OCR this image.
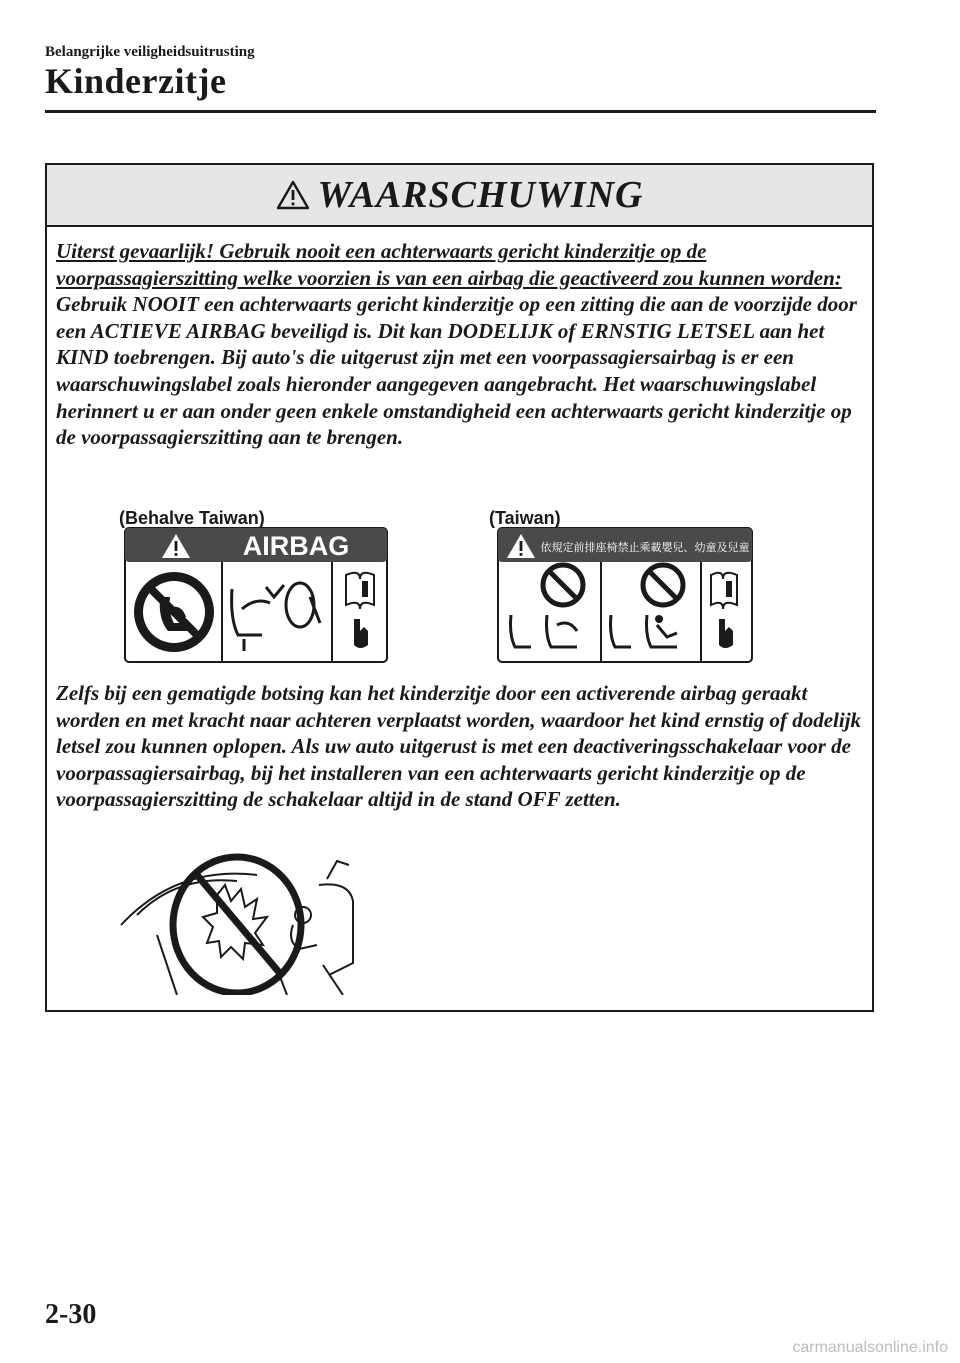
Belangrijke veiligheidsuitrusting
Kinderzitje
WAARSCHUWING
Uiterst gevaarlijk! Gebruik nooit een achterwaarts gericht kinderzitje op de voorpassagierszitting welke voorzien is van een airbag die geactiveerd zou kunnen worden: Gebruik NOOIT een achterwaarts gericht kinderzitje op een zitting die aan de voorzijde door een ACTIEVE AIRBAG beveiligd is. Dit kan DODELIJK of ERNSTIG LETSEL aan het KIND toebrengen. Bij auto's die uitgerust zijn met een voorpassagiersairbag is er een waarschuwingslabel zoals hieronder aangegeven aangebracht. Het waarschuwingslabel herinnert u er aan onder geen enkele omstandigheid een achterwaarts gericht kinderzitje op de voorpassagierszitting aan te brengen.
(Behalve Taiwan)	(Taiwan)
AIRBAG	依規定前排座椅禁止乘載嬰兒、幼童及兒童
Zelfs bij een gematigde botsing kan het kinderzitje door een activerende airbag geraakt worden en met kracht naar achteren verplaatst worden, waardoor het kind ernstig of dodelijk letsel zou kunnen oplopen. Als uw auto uitgerust is met een deactiveringsschakelaar voor de voorpassagiersairbag, bij het installeren van een achterwaarts gericht kinderzitje op de voorpassagierszitting de schakelaar altijd in de stand OFF zetten.
2-30
carmanualsonline.info
